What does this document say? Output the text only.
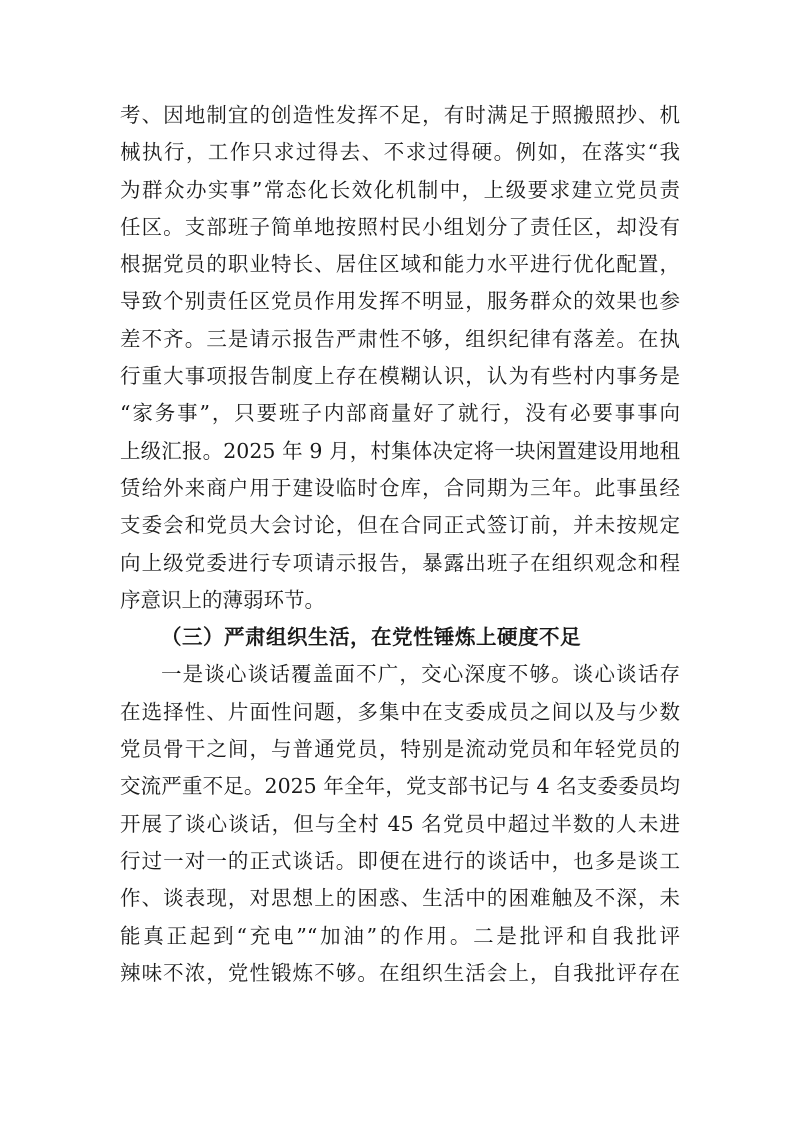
考、因地制宜的创造性发挥不足，有时满足于照搬照抄、机
械执行，工作只求过得去、不求过得硬。例如，在落实“我
为群众办实事”常态化长效化机制中，上级要求建立党员责
任区。支部班子简单地按照村民小组划分了责任区，却没有
根据党员的职业特长、居住区域和能力水平进行优化配置，
导致个别责任区党员作用发挥不明显，服务群众的效果也参
差不齐。三是请示报告严肃性不够，组织纪律有落差。在执
行重大事项报告制度上存在模糊认识，认为有些村内事务是
“家务事”，只要班子内部商量好了就行，没有必要事事向
上级汇报。2025 年 9 月，村集体决定将一块闲置建设用地租
赁给外来商户用于建设临时仓库，合同期为三年。此事虽经
支委会和党员大会讨论，但在合同正式签订前，并未按规定
向上级党委进行专项请示报告，暴露出班子在组织观念和程
序意识上的薄弱环节。
（三）严肃组织生活，在党性锤炼上硬度不足
一是谈心谈话覆盖面不广，交心深度不够。谈心谈话存
在选择性、片面性问题，多集中在支委成员之间以及与少数
党员骨干之间，与普通党员，特别是流动党员和年轻党员的
交流严重不足。2025 年全年，党支部书记与 4 名支委委员均
开展了谈心谈话，但与全村 45 名党员中超过半数的人未进
行过一对一的正式谈话。即便在进行的谈话中，也多是谈工
作、谈表现，对思想上的困惑、生活中的困难触及不深，未
能真正起到“充电”“加油”的作用。二是批评和自我批评
辣味不浓，党性锻炼不够。在组织生活会上，自我批评存在
